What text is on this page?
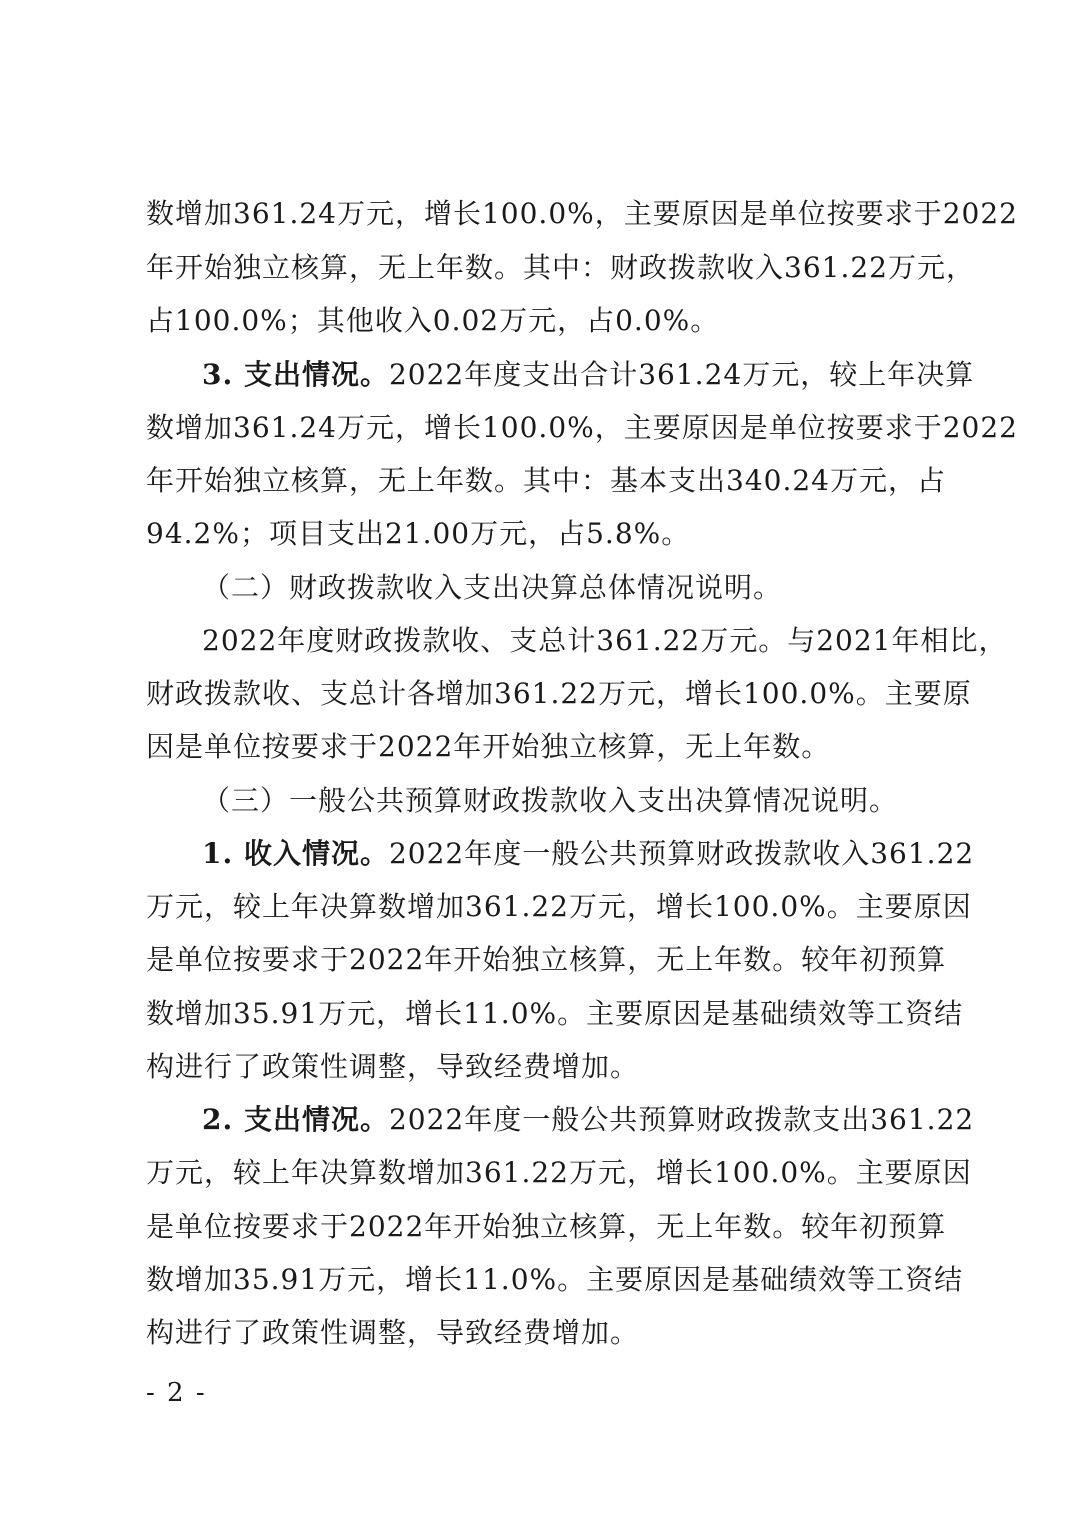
数增加361.24万元，增长100.0%，主要原因是单位按要求于2022
年开始独立核算，无上年数。其中：财政拨款收入361.22万元，
占100.0%；其他收入0.02万元，占0.0%。
3. 支出情况。2022年度支出合计361.24万元，较上年决算
数增加361.24万元，增长100.0%，主要原因是单位按要求于2022
年开始独立核算，无上年数。其中：基本支出340.24万元，占
94.2%；项目支出21.00万元，占5.8%。
（二）财政拨款收入支出决算总体情况说明。
2022年度财政拨款收、支总计361.22万元。与2021年相比，
财政拨款收、支总计各增加361.22万元，增长100.0%。主要原
因是单位按要求于2022年开始独立核算，无上年数。
（三）一般公共预算财政拨款收入支出决算情况说明。
1. 收入情况。2022年度一般公共预算财政拨款收入361.22
万元，较上年决算数增加361.22万元，增长100.0%。主要原因
是单位按要求于2022年开始独立核算，无上年数。较年初预算
数增加35.91万元，增长11.0%。主要原因是基础绩效等工资结
构进行了政策性调整，导致经费增加。
2. 支出情况。2022年度一般公共预算财政拨款支出361.22
万元，较上年决算数增加361.22万元，增长100.0%。主要原因
是单位按要求于2022年开始独立核算，无上年数。较年初预算
数增加35.91万元，增长11.0%。主要原因是基础绩效等工资结
构进行了政策性调整，导致经费增加。
- 2 -
